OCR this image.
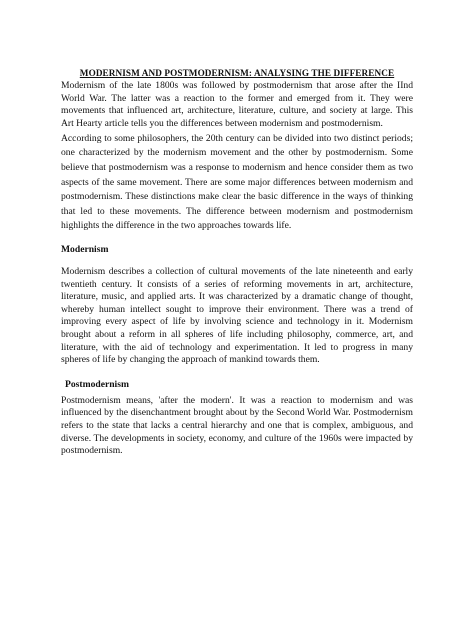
MODERNISM AND POSTMODERNISM: ANALYSING THE DIFFERENCE

Modernism of the late 1800s was followed by postmodernism that arose after the IInd World War. The latter was a reaction to the former and emerged from it. They were movements that influenced art, architecture, literature, culture, and society at large. This Art Hearty article tells you the differences between modernism and postmodernism.

According to some philosophers, the 20th century can be divided into two distinct periods; one characterized by the modernism movement and the other by postmodernism. Some believe that postmodernism was a response to modernism and hence consider them as two aspects of the same movement. There are some major differences between modernism and postmodernism. These distinctions make clear the basic difference in the ways of thinking that led to these movements. The difference between modernism and postmodernism highlights the difference in the two approaches towards life.

Modernism

Modernism describes a collection of cultural movements of the late nineteenth and early twentieth century. It consists of a series of reforming movements in art, architecture, literature, music, and applied arts. It was characterized by a dramatic change of thought, whereby human intellect sought to improve their environment. There was a trend of improving every aspect of life by involving science and technology in it. Modernism brought about a reform in all spheres of life including philosophy, commerce, art, and literature, with the aid of technology and experimentation. It led to progress in many spheres of life by changing the approach of mankind towards them.

Postmodernism

Postmodernism means, 'after the modern'. It was a reaction to modernism and was influenced by the disenchantment brought about by the Second World War. Postmodernism refers to the state that lacks a central hierarchy and one that is complex, ambiguous, and diverse. The developments in society, economy, and culture of the 1960s were impacted by postmodernism.
